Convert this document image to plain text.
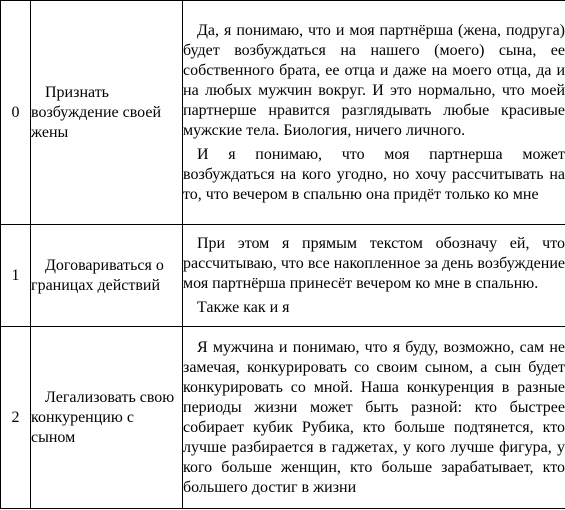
0	Признать возбуждение своей жены	Да, я понимаю, что и моя партнёрша (жена, подруга) будет возбуждаться на нашего (моего) сына, ее собственного брата, ее отца и даже на моего отца, да и на любых мужчин вокруг. И это нормально, что моей партнерше нравится разглядывать любые красивые мужские тела. Биология, ничего личного.

И я понимаю, что моя партнерша может возбуждаться на кого угодно, но хочу рассчитывать на то, что вечером в спальню она придёт только ко мне

1	Договариваться о границах действий	При этом я прямым текстом обозначу ей, что рассчитываю, что все накопленное за день возбуждение моя партнёрша принесёт вечером ко мне в спальню.

Также как и я

2	Легализовать свою конкуренцию с сыном	Я мужчина и понимаю, что я буду, возможно, сам не замечая, конкурировать со своим сыном, а сын будет конкурировать со мной. Наша конкуренция в разные периоды жизни может быть разной: кто быстрее собирает кубик Рубика, кто больше подтянется, кто лучше разбирается в гаджетах, у кого лучше фигура, у кого больше женщин, кто больше зарабатывает, кто большего достиг в жизни
